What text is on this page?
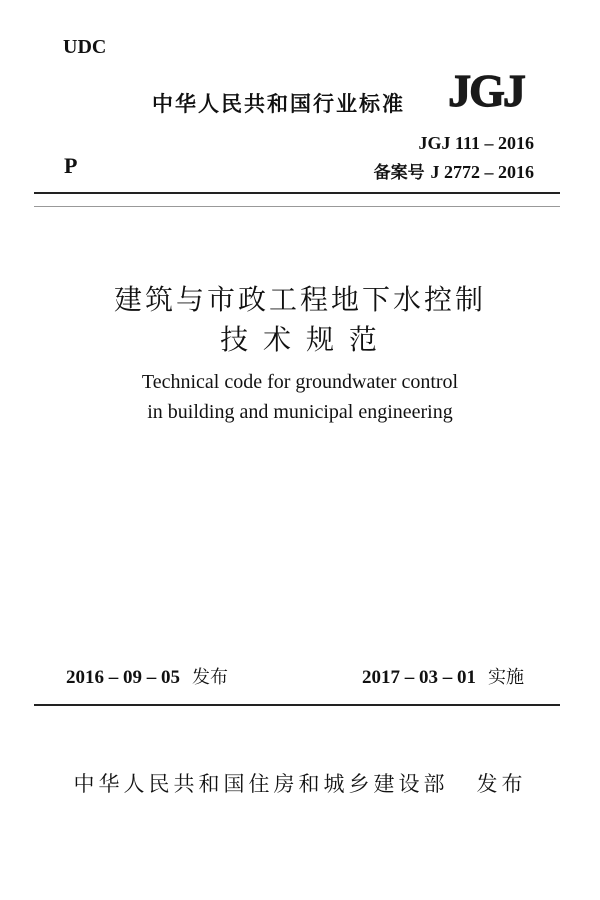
UDC
中华人民共和国行业标准 JGJ
JGJ 111 – 2016
备案号 J 2772 – 2016
P
建筑与市政工程地下水控制
技 术 规 范
Technical code for groundwater control
in building and municipal engineering
2016 – 09 – 05 发布	2017 – 03 – 01 实施
中华人民共和国住房和城乡建设部 发布
